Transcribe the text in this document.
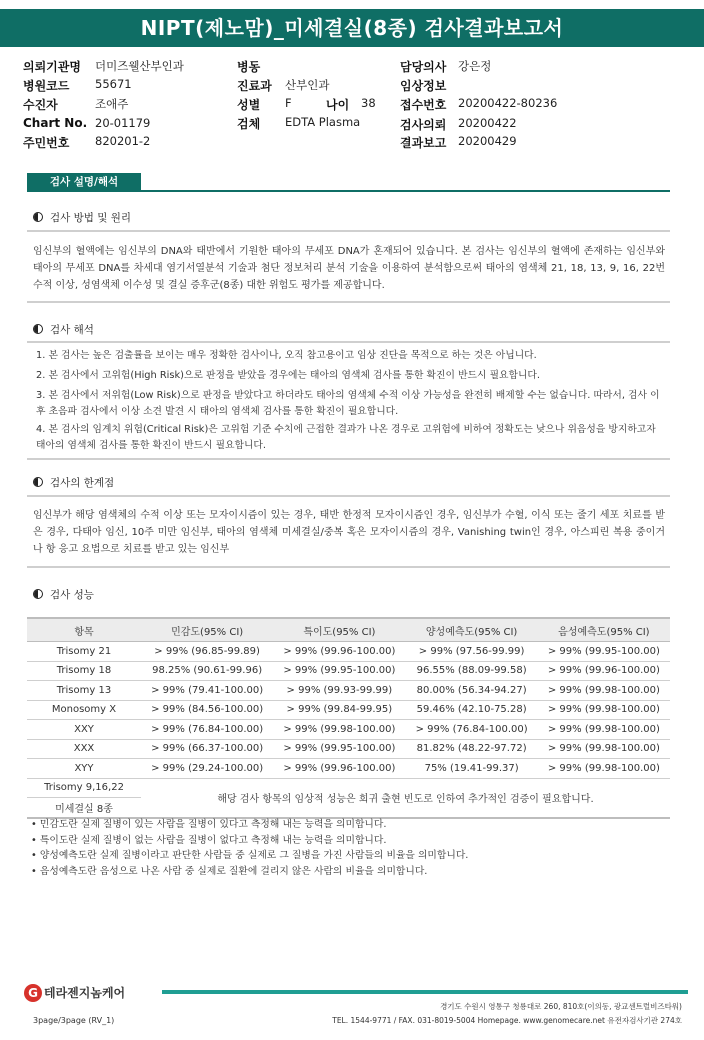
NIPT(제노맘)_미세결실(8종) 검사결과보고서
의뢰기관명 더미즈웰산부인과
병원코드 55671
수진자	조애주
Chart No. 20-01179
주민번호 820201-2
병동
진료과 산부인과
성별 F	나이 38
검체 EDTA Plasma
담당의사 강은정
임상정보
접수번호 20200422-80236
검사의뢰 20200422
결과보고 20200429
검사 설명/해석
검사 방법 및 원리
임신부의 혈액에는 임신부의 DNA와 태반에서 기원한 태아의 무세포 DNA가 혼재되어 있습니다. 본 검사는 임신부의 혈액에 존재하는 임신부와 태아의 무세포 DNA를 차세대 염기서열분석 기술과 첨단 정보처리 분석 기술을 이용하여 분석함으로써 태아의 염색체 21, 18, 13, 9, 16, 22번 수적 이상, 성염색체 이수성 및 결실 증후군(8종) 대한 위험도 평가를 제공합니다.
검사 해석
1. 본 검사는 높은 검출률을 보이는 매우 정확한 검사이나, 오직 참고용이고 임상 진단을 목적으로 하는 것은 아닙니다.
2. 본 검사에서 고위험(High Risk)으로 판정을 받았을 경우에는 태아의 염색체 검사를 통한 확진이 반드시 필요합니다.
3. 본 검사에서 저위험(Low Risk)으로 판정을 받았다고 하더라도 태아의 염색체 수적 이상 가능성을 완전히 배제할 수는 없습니다. 따라서, 검사 이후 초음파 검사에서 이상 소견 발견 시 태아의 염색체 검사를 통한 확진이 필요합니다.
4. 본 검사의 임계치 위험(Critical Risk)은 고위험 기준 수치에 근접한 결과가 나온 경우로 고위험에 비하여 정확도는 낮으나 위음성을 방지하고자 태아의 염색체 검사를 통한 확진이 반드시 필요합니다.
검사의 한계점
임신부가 해당 염색체의 수적 이상 또는 모자이시즘이 있는 경우, 태반 한정적 모자이시즘인 경우, 임신부가 수혈, 이식 또는 줄기 세포 치료를 받은 경우, 다태아 임신, 10주 미만 임신부, 태아의 염색체 미세결실/중복 혹은 모자이시즘의 경우, Vanishing twin인 경우, 아스피린 복용 중이거나 항 응고 요법으로 치료를 받고 있는 임신부
검사 성능
항목	민감도(95% CI)	특이도(95% CI)	양성예측도(95% CI)	음성예측도(95% CI)
Trisomy 21	> 99% (96.85-99.89)	> 99% (99.96-100.00)	> 99% (97.56-99.99)	> 99% (99.95-100.00)
Trisomy 18	98.25% (90.61-99.96)	> 99% (99.95-100.00)	96.55% (88.09-99.58)	> 99% (99.96-100.00)
Trisomy 13	> 99% (79.41-100.00)	> 99% (99.93-99.99)	80.00% (56.34-94.27)	> 99% (99.98-100.00)
Monosomy X	> 99% (84.56-100.00)	> 99% (99.84-99.95)	59.46% (42.10-75.28)	> 99% (99.98-100.00)
XXY	> 99% (76.84-100.00)	> 99% (99.98-100.00)	> 99% (76.84-100.00)	> 99% (99.98-100.00)
XXX	> 99% (66.37-100.00)	> 99% (99.95-100.00)	81.82% (48.22-97.72)	> 99% (99.98-100.00)
XYY	> 99% (29.24-100.00)	> 99% (99.96-100.00)	75% (19.41-99.37)	> 99% (99.98-100.00)
Trisomy 9,16,22	해당 검사 항목의 임상적 성능은 희귀 출현 빈도로 인하여 추가적인 검증이 필요합니다.			
미세결실 8종				
• 민감도란 실제 질병이 있는 사람을 질병이 있다고 측정해 내는 능력을 의미합니다.
• 특이도란 실제 질병이 없는 사람을 질병이 없다고 측정해 내는 능력을 의미합니다.
• 양성예측도란 실제 질병이라고 판단한 사람들 중 실제로 그 질병을 가진 사람들의 비율을 의미합니다.
• 음성예측도란 음성으로 나온 사람 중 실제로 질환에 걸리지 않은 사람의 비율을 의미합니다.
G 테라젠지놈케어
경기도 수원시 영통구 청룡대로 260, 810호(이의동, 광교센트럴비즈타워)
TEL. 1544-9771 / FAX. 031-8019-5004 Homepage. www.genomecare.net 유전자검사기관 274호
3page/3page (RV_1)
